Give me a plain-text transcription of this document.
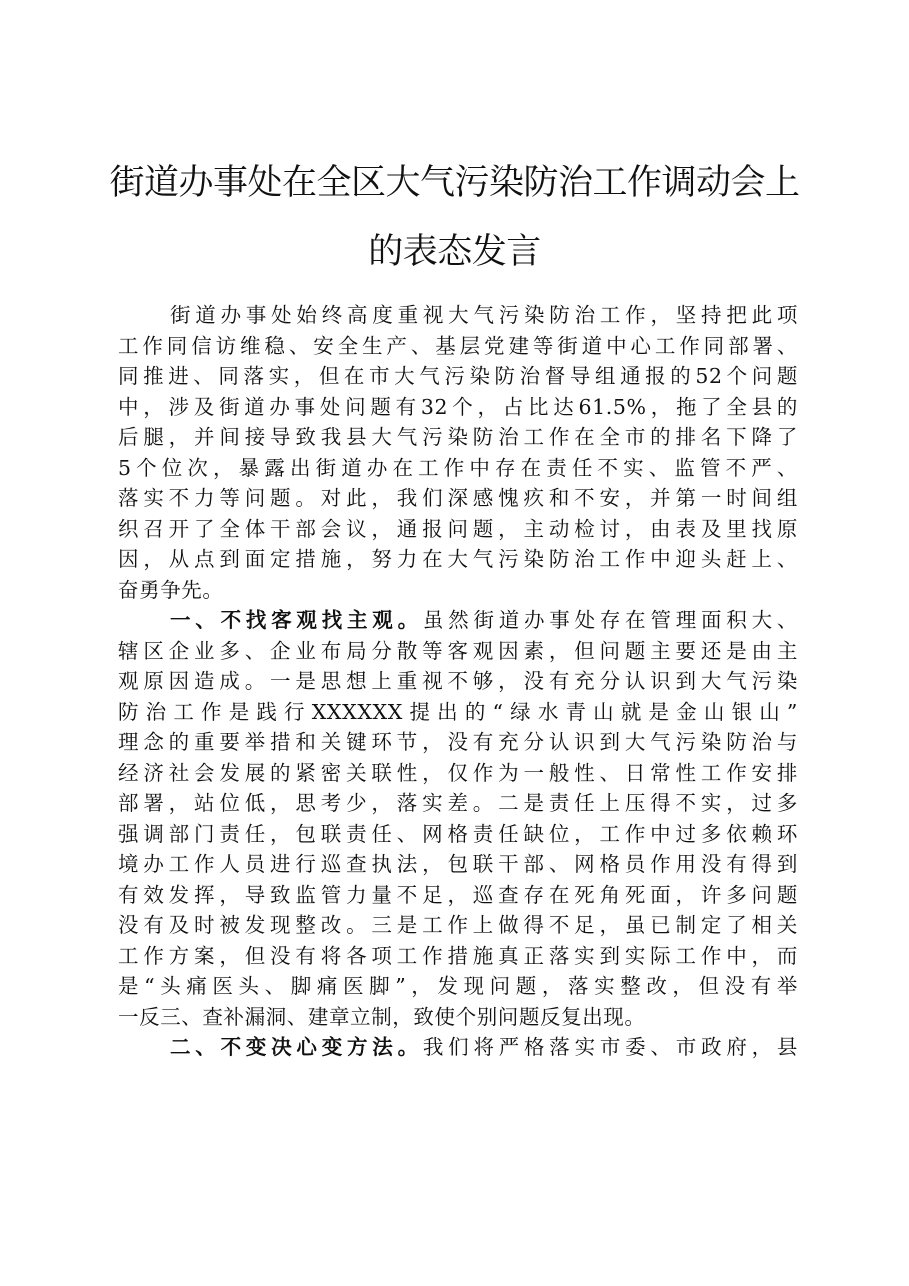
街道办事处在全区大气污染防治工作调动会上
的表态发言
街道办事处始终高度重视大气污染防治工作，坚持把此项
工作同信访维稳、安全生产、基层党建等街道中心工作同部署、
同推进、同落实，但在市大气污染防治督导组通报的52个问题
中，涉及街道办事处问题有32个，占比达61.5%，拖了全县的
后腿，并间接导致我县大气污染防治工作在全市的排名下降了
5个位次，暴露出街道办在工作中存在责任不实、监管不严、
落实不力等问题。对此，我们深感愧疚和不安，并第一时间组
织召开了全体干部会议，通报问题，主动检讨，由表及里找原
因，从点到面定措施，努力在大气污染防治工作中迎头赶上、
奋勇争先。
一、不找客观找主观。虽然街道办事处存在管理面积大、
辖区企业多、企业布局分散等客观因素，但问题主要还是由主
观原因造成。一是思想上重视不够，没有充分认识到大气污染
防治工作是践行XXXXXX提出的“绿水青山就是金山银山”
理念的重要举措和关键环节，没有充分认识到大气污染防治与
经济社会发展的紧密关联性，仅作为一般性、日常性工作安排
部署，站位低，思考少，落实差。二是责任上压得不实，过多
强调部门责任，包联责任、网格责任缺位，工作中过多依赖环
境办工作人员进行巡查执法，包联干部、网格员作用没有得到
有效发挥，导致监管力量不足，巡查存在死角死面，许多问题
没有及时被发现整改。三是工作上做得不足，虽已制定了相关
工作方案，但没有将各项工作措施真正落实到实际工作中，而
是“头痛医头、脚痛医脚”，发现问题，落实整改，但没有举
一反三、查补漏洞、建章立制，致使个别问题反复出现。
二、不变决心变方法。我们将严格落实市委、市政府，县
